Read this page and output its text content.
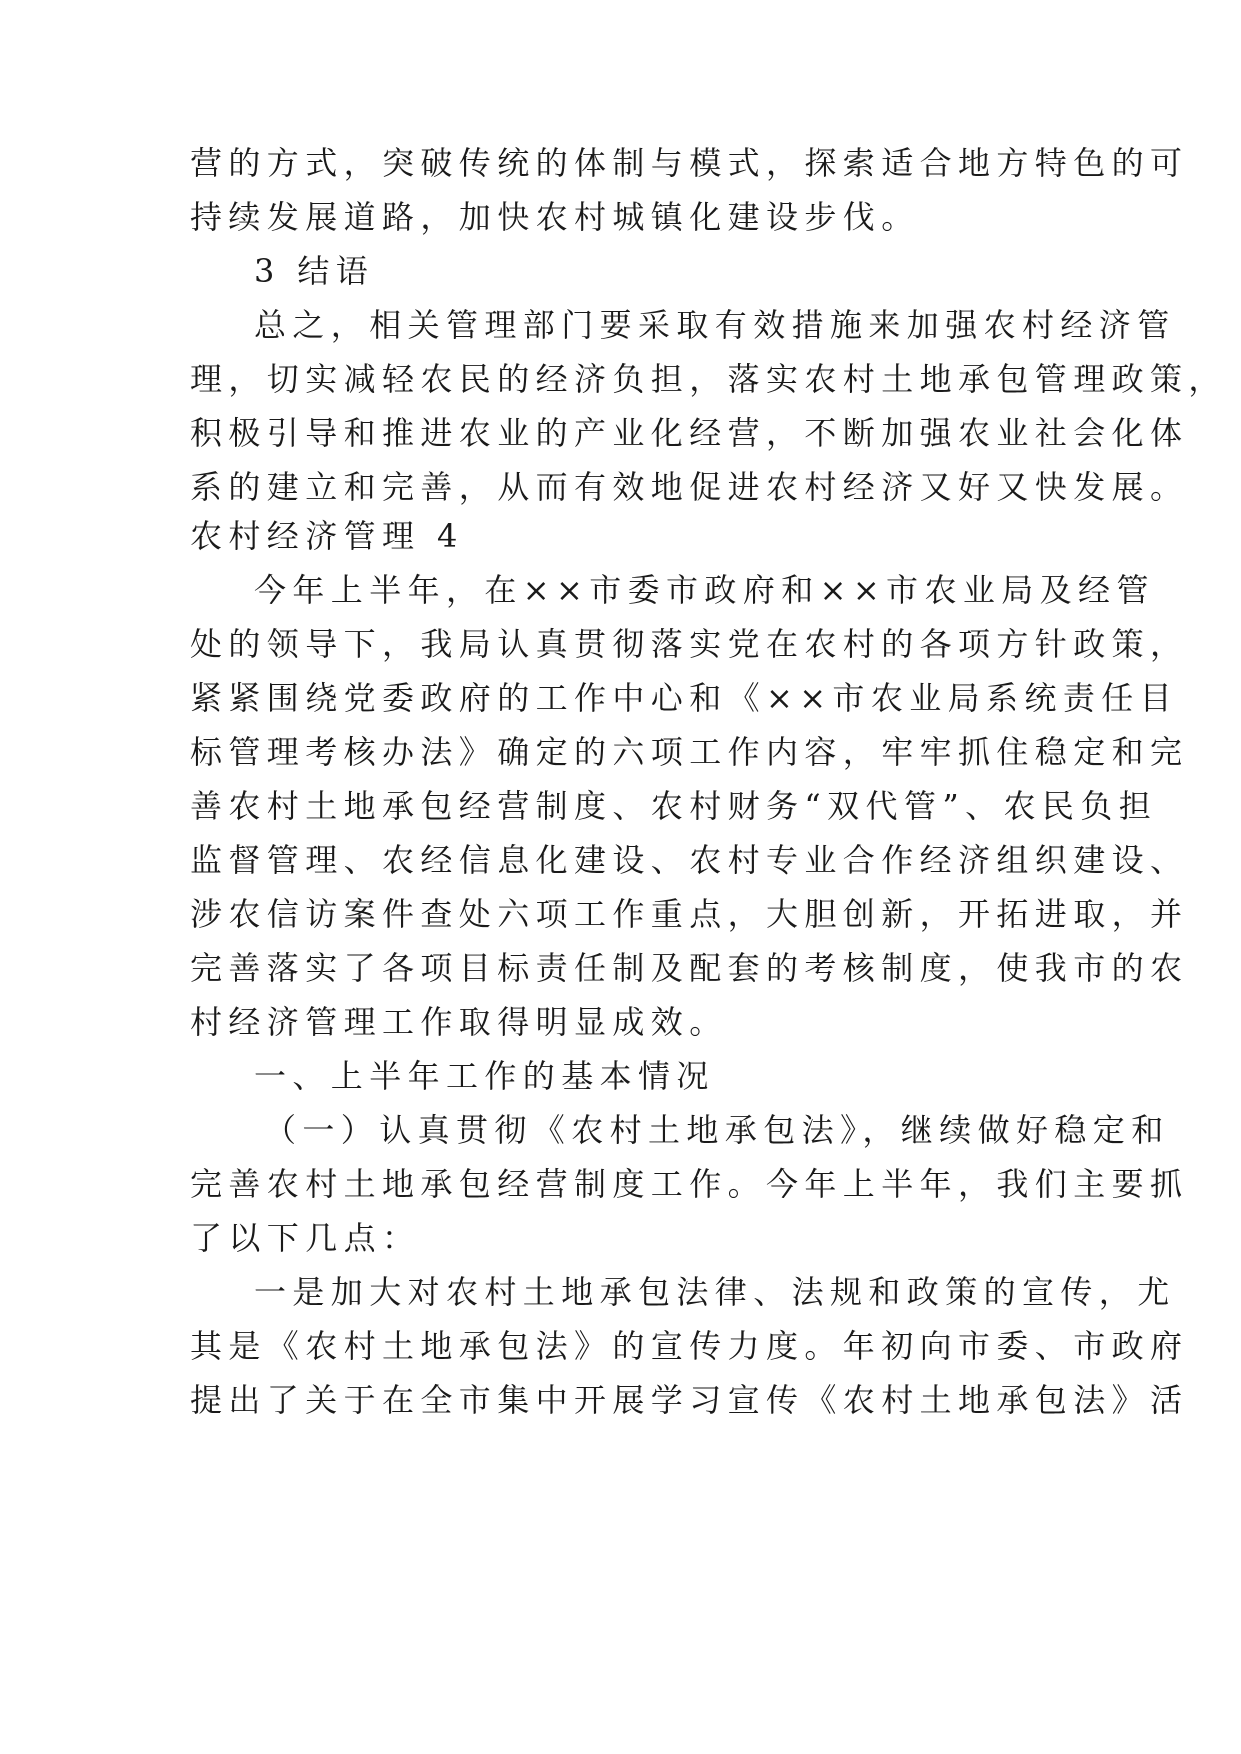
营的方式，突破传统的体制与模式，探索适合地方特色的可
持续发展道路，加快农村城镇化建设步伐。
3 结语
总之，相关管理部门要采取有效措施来加强农村经济管
理，切实减轻农民的经济负担，落实农村土地承包管理政策，
积极引导和推进农业的产业化经营，不断加强农业社会化体
系的建立和完善，从而有效地促进农村经济又好又快发展。
农村经济管理 4
今年上半年，在××市委市政府和××市农业局及经管
处的领导下，我局认真贯彻落实党在农村的各项方针政策，
紧紧围绕党委政府的工作中心和《××市农业局系统责任目
标管理考核办法》确定的六项工作内容，牢牢抓住稳定和完
善农村土地承包经营制度、农村财务“双代管”、农民负担
监督管理、农经信息化建设、农村专业合作经济组织建设、
涉农信访案件查处六项工作重点，大胆创新，开拓进取，并
完善落实了各项目标责任制及配套的考核制度，使我市的农
村经济管理工作取得明显成效。
一、上半年工作的基本情况
（一）认真贯彻《农村土地承包法》，继续做好稳定和
完善农村土地承包经营制度工作。今年上半年，我们主要抓
了以下几点：
一是加大对农村土地承包法律、法规和政策的宣传，尤
其是《农村土地承包法》的宣传力度。年初向市委、市政府
提出了关于在全市集中开展学习宣传《农村土地承包法》活
